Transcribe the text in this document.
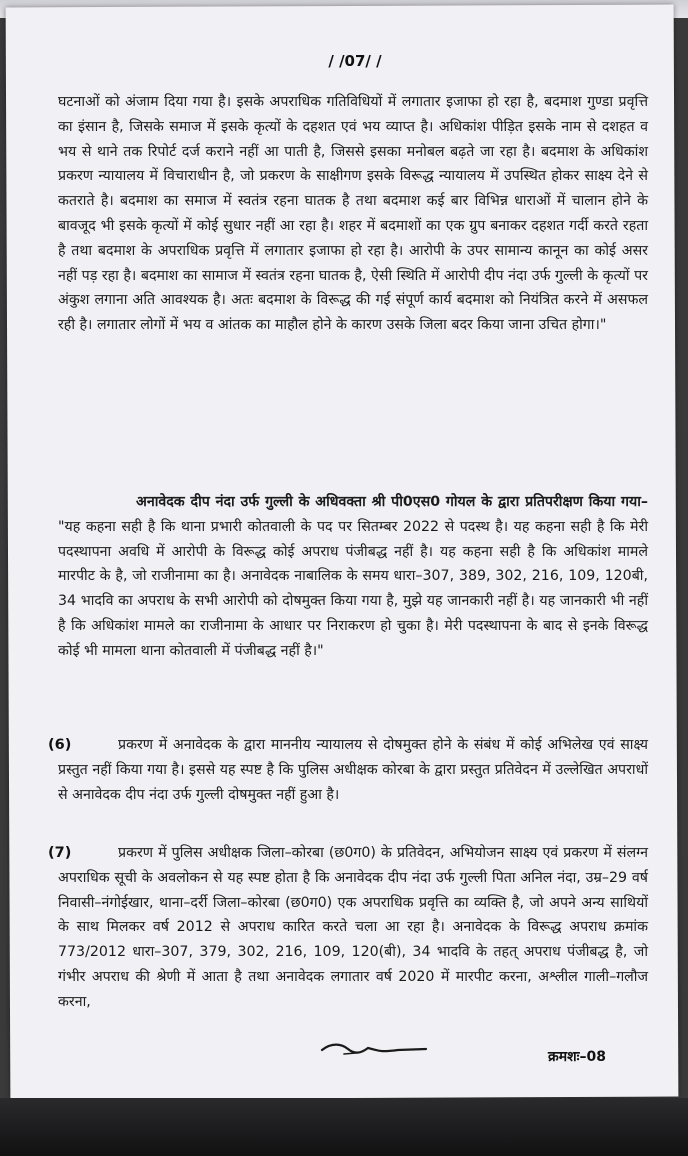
/ /07/ /

घटनाओं को अंजाम दिया गया है। इसके अपराधिक गतिविधियों में लगातार इजाफा हो रहा है, बदमाश गुण्डा प्रवृत्ति का इंसान है, जिसके समाज में इसके कृत्यों के दहशत एवं भय व्याप्त है। अधिकांश पीड़ित इसके नाम से दशहत व भय से थाने तक रिपोर्ट दर्ज कराने नहीं आ पाती है, जिससे इसका मनोबल बढ़ते जा रहा है। बदमाश के अधिकांश प्रकरण न्यायालय में विचाराधीन है, जो प्रकरण के साक्षीगण इसके विरूद्ध न्यायालय में उपस्थित होकर साक्ष्य देने से कतराते है। बदमाश का समाज में स्वतंत्र रहना घातक है तथा बदमाश कई बार विभिन्न धाराओं में चालान होने के बावजूद भी इसके कृत्यों में कोई सुधार नहीं आ रहा है। शहर में बदमाशों का एक ग्रुप बनाकर दहशत गर्दी करते रहता है तथा बदमाश के अपराधिक प्रवृत्ति में लगातार इजाफा हो रहा है। आरोपी के उपर सामान्य कानून का कोई असर नहीं पड़ रहा है। बदमाश का सामाज में स्वतंत्र रहना घातक है, ऐसी स्थिति में आरोपी दीप नंदा उर्फ गुल्ली के कृत्यों पर अंकुश लगाना अति आवश्यक है। अतः बदमाश के विरूद्ध की गई संपूर्ण कार्य बदमाश को नियंत्रित करने में असफल रही है। लगातार लोगों में भय व आंतक का माहौल होने के कारण उसके जिला बदर किया जाना उचित होगा।"

अनावेदक दीप नंदा उर्फ गुल्ली के अधिवक्ता श्री पी0एस0 गोयल के द्वारा प्रतिपरीक्षण किया गया– "यह कहना सही है कि थाना प्रभारी कोतवाली के पद पर सितम्बर 2022 से पदस्थ है। यह कहना सही है कि मेरी पदस्थापना अवधि में आरोपी के विरूद्ध कोई अपराध पंजीबद्ध नहीं है। यह कहना सही है कि अधिकांश मामले मारपीट के है, जो राजीनामा का है। अनावेदक नाबालिक के समय धारा–307, 389, 302, 216, 109, 120बी, 34 भादवि का अपराध के सभी आरोपी को दोषमुक्त किया गया है, मुझे यह जानकारी नहीं है। यह जानकारी भी नहीं है कि अधिकांश मामले का राजीनामा के आधार पर निराकरण हो चुका है। मेरी पदस्थापना के बाद से इनके विरूद्ध कोई भी मामला थाना कोतवाली में पंजीबद्ध नहीं है।"

(6)	प्रकरण में अनावेदक के द्वारा माननीय न्यायालय से दोषमुक्त होने के संबंध में कोई अभिलेख एवं साक्ष्य प्रस्तुत नहीं किया गया है। इससे यह स्पष्ट है कि पुलिस अधीक्षक कोरबा के द्वारा प्रस्तुत प्रतिवेदन में उल्लेखित अपराधों से अनावेदक दीप नंदा उर्फ गुल्ली दोषमुक्त नहीं हुआ है।

(7)	प्रकरण में पुलिस अधीक्षक जिला–कोरबा (छ0ग0) के प्रतिवेदन, अभियोजन साक्ष्य एवं प्रकरण में संलग्न अपराधिक सूची के अवलोकन से यह स्पष्ट होता है कि अनावेदक दीप नंदा उर्फ गुल्ली पिता अनिल नंदा, उम्र–29 वर्ष निवासी–नंगोईखार, थाना–दर्री जिला–कोरबा (छ0ग0) एक अपराधिक प्रवृत्ति का व्यक्ति है, जो अपने अन्य साथियों के साथ मिलकर वर्ष 2012 से अपराध कारित करते चला आ रहा है। अनावेदक के विरूद्ध अपराध क्रमांक 773/2012 धारा–307, 379, 302, 216, 109, 120(बी), 34 भादवि के तहत् अपराध पंजीबद्ध है, जो गंभीर अपराध की श्रेणी में आता है तथा अनावेदक लगातार वर्ष 2020 में मारपीट करना, अश्लील गाली–गलौज करना,

क्रमशः–08
